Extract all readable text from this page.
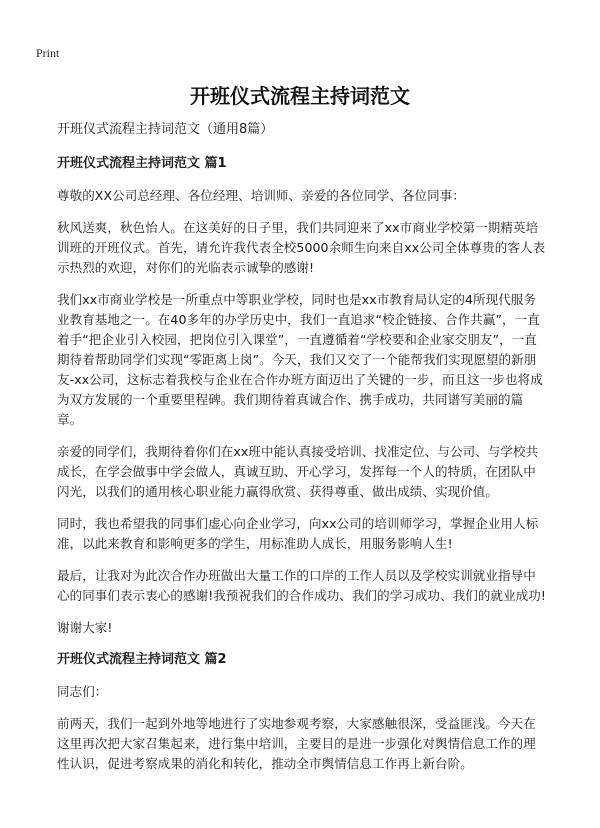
Print
开班仪式流程主持词范文
开班仪式流程主持词范文（通用8篇）
开班仪式流程主持词范文 篇1

尊敬的XX公司总经理、各位经理、培训师、亲爱的各位同学、各位同事：

秋风送爽，秋色怡人。在这美好的日子里，我们共同迎来了xx市商业学校第一期精英培训班的开班仪式。首先，请允许我代表全校5000余师生向来自xx公司全体尊贵的客人表示热烈的欢迎，对你们的光临表示诚挚的感谢!

我们xx市商业学校是一所重点中等职业学校，同时也是xx市教育局认定的4所现代服务业教育基地之一。在40多年的办学历史中，我们一直追求“校企链接、合作共赢”，一直着手“把企业引入校园，把岗位引入课堂”，一直遵循着“学校要和企业家交朋友”，一直期待着帮助同学们实现“零距离上岗”。今天，我们又交了一个能帮我们实现愿望的新朋友-xx公司，这标志着我校与企业在合作办班方面迈出了关键的一步，而且这一步也将成为双方发展的一个重要里程碑。我们期待着真诚合作、携手成功，共同谱写美丽的篇章。

亲爱的同学们，我期待着你们在xx班中能认真接受培训、找准定位、与公司、与学校共成长，在学会做事中学会做人，真诚互助、开心学习，发挥每一个人的特质，在团队中闪光，以我们的通用核心职业能力赢得欣赏、获得尊重、做出成绩、实现价值。

同时，我也希望我的同事们虚心向企业学习，向xx公司的培训师学习，掌握企业用人标准，以此来教育和影响更多的学生，用标准助人成长，用服务影响人生!

最后，让我对为此次合作办班做出大量工作的口岸的工作人员以及学校实训就业指导中心的同事们表示衷心的感谢!我预祝我们的合作成功、我们的学习成功、我们的就业成功!

谢谢大家!

开班仪式流程主持词范文 篇2

同志们：

前两天，我们一起到外地等地进行了实地参观考察，大家感触很深，受益匪浅。今天在这里再次把大家召集起来，进行集中培训，主要目的是进一步强化对舆情信息工作的理性认识，促进考察成果的消化和转化，推动全市舆情信息工作再上新台阶。
